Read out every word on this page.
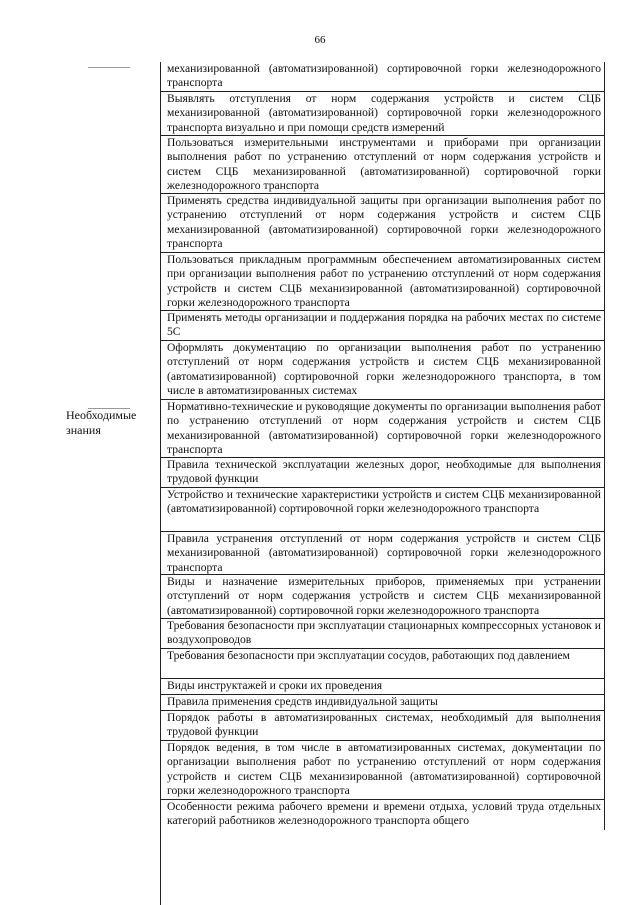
66
Необходимые знания
механизированной (автоматизированной) сортировочной горки железнодорожного транспорта
Выявлять отступления от норм содержания устройств и систем СЦБ механизированной (автоматизированной) сортировочной горки железнодорожного транспорта визуально и при помощи средств измерений
Пользоваться измерительными инструментами и приборами при организации выполнения работ по устранению отступлений от норм содержания устройств и систем СЦБ механизированной (автоматизированной) сортировочной горки железнодорожного транспорта
Применять средства индивидуальной защиты при организации выполнения работ по устранению отступлений от норм содержания устройств и систем СЦБ механизированной (автоматизированной) сортировочной горки железнодорожного транспорта
Пользоваться прикладным программным обеспечением автоматизированных систем при организации выполнения работ по устранению отступлений от норм содержания устройств и систем СЦБ механизированной (автоматизированной) сортировочной горки железнодорожного транспорта
Применять методы организации и поддержания порядка на рабочих местах по системе 5С
Оформлять документацию по организации выполнения работ по устранению отступлений от норм содержания устройств и систем СЦБ механизированной (автоматизированной) сортировочной горки железнодорожного транспорта, в том числе в автоматизированных системах
Нормативно-технические и руководящие документы по организации выполнения работ по устранению отступлений от норм содержания устройств и систем СЦБ механизированной (автоматизированной) сортировочной горки железнодорожного транспорта
Правила технической эксплуатации железных дорог, необходимые для выполнения трудовой функции
Устройство и технические характеристики устройств и систем СЦБ механизированной (автоматизированной) сортировочной горки железнодорожного транспорта
Правила устранения отступлений от норм содержания устройств и систем СЦБ механизированной (автоматизированной) сортировочной горки железнодорожного транспорта
Виды и назначение измерительных приборов, применяемых при устранении отступлений от норм содержания устройств и систем СЦБ механизированной (автоматизированной) сортировочной горки железнодорожного транспорта
Требования безопасности при эксплуатации стационарных компрессорных установок и воздухопроводов
Требования безопасности при эксплуатации сосудов, работающих под давлением
Виды инструктажей и сроки их проведения
Правила применения средств индивидуальной защиты
Порядок работы в автоматизированных системах, необходимый для выполнения трудовой функции
Порядок ведения, в том числе в автоматизированных системах, документации по организации выполнения работ по устранению отступлений от норм содержания устройств и систем СЦБ механизированной (автоматизированной) сортировочной горки железнодорожного транспорта
Особенности режима рабочего времени и времени отдыха, условий труда отдельных категорий работников железнодорожного транспорта общего
